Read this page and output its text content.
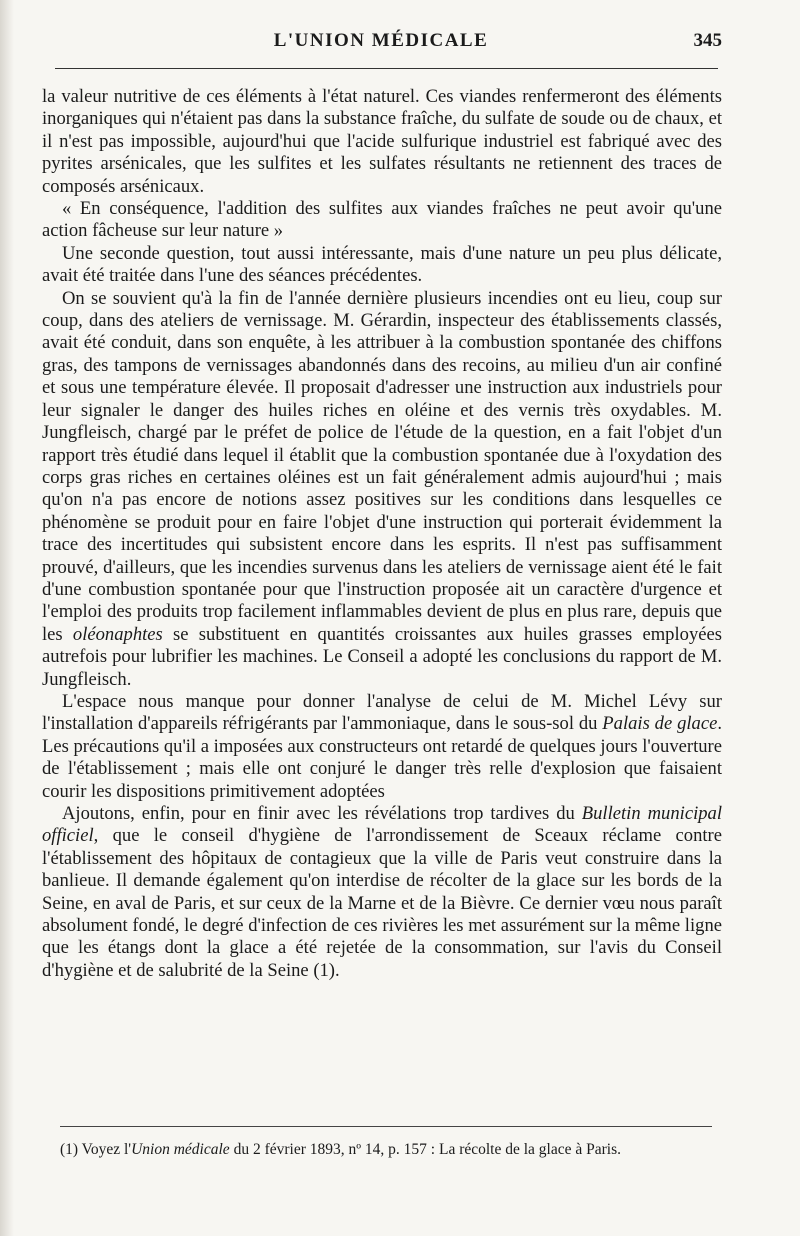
L'UNION MÉDICALE	345

la valeur nutritive de ces éléments à l'état naturel. Ces viandes renfermeront des éléments inorganiques qui n'étaient pas dans la substance fraîche, du sulfate de soude ou de chaux, et il n'est pas impossible, aujourd'hui que l'acide sulfurique industriel est fabriqué avec des pyrites arsénicales, que les sulfites et les sulfates résultants ne retiennent des traces de composés arsénicaux.

« En conséquence, l'addition des sulfites aux viandes fraîches ne peut avoir qu'une action fâcheuse sur leur nature »

Une seconde question, tout aussi intéressante, mais d'une nature un peu plus délicate, avait été traitée dans l'une des séances précédentes.

On se souvient qu'à la fin de l'année dernière plusieurs incendies ont eu lieu, coup sur coup, dans des ateliers de vernissage. M. Gérardin, inspecteur des établissements classés, avait été conduit, dans son enquête, à les attribuer à la combustion spontanée des chiffons gras, des tampons de vernissages abandonnés dans des recoins, au milieu d'un air confiné et sous une température élevée. Il proposait d'adresser une instruction aux industriels pour leur signaler le danger des huiles riches en oléine et des vernis très oxydables. M. Jungfleisch, chargé par le préfet de police de l'étude de la question, en a fait l'objet d'un rapport très étudié dans lequel il établit que la combustion spontanée due à l'oxydation des corps gras riches en certaines oléines est un fait généralement admis aujourd'hui ; mais qu'on n'a pas encore de notions assez positives sur les conditions dans lesquelles ce phénomène se produit pour en faire l'objet d'une instruction qui porterait évidemment la trace des incertitudes qui subsistent encore dans les esprits. Il n'est pas suffisamment prouvé, d'ailleurs, que les incendies survenus dans les ateliers de vernissage aient été le fait d'une combustion spontanée pour que l'instruction proposée ait un caractère d'urgence et l'emploi des produits trop facilement inflammables devient de plus en plus rare, depuis que les oléonaphtes se substituent en quantités croissantes aux huiles grasses employées autrefois pour lubrifier les machines. Le Conseil a adopté les conclusions du rapport de M. Jungfleisch.

L'espace nous manque pour donner l'analyse de celui de M. Michel Lévy sur l'installation d'appareils réfrigérants par l'ammoniaque, dans le sous-sol du Palais de glace. Les précautions qu'il a imposées aux constructeurs ont retardé de quelques jours l'ouverture de l'établissement ; mais elle ont conjuré le danger très relle d'explosion que faisaient courir les dispositions primitivement adoptées

Ajoutons, enfin, pour en finir avec les révélations trop tardives du Bulletin municipal officiel, que le conseil d'hygiène de l'arrondissement de Sceaux réclame contre l'établissement des hôpitaux de contagieux que la ville de Paris veut construire dans la banlieue. Il demande également qu'on interdise de récolter de la glace sur les bords de la Seine, en aval de Paris, et sur ceux de la Marne et de la Bièvre. Ce dernier vœu nous paraît absolument fondé, le degré d'infection de ces rivières les met assurément sur la même ligne que les étangs dont la glace a été rejetée de la consommation, sur l'avis du Conseil d'hygiène et de salubrité de la Seine (1).

(1) Voyez l'Union médicale du 2 février 1893, nº 14, p. 157 : La récolte de la glace à Paris.
